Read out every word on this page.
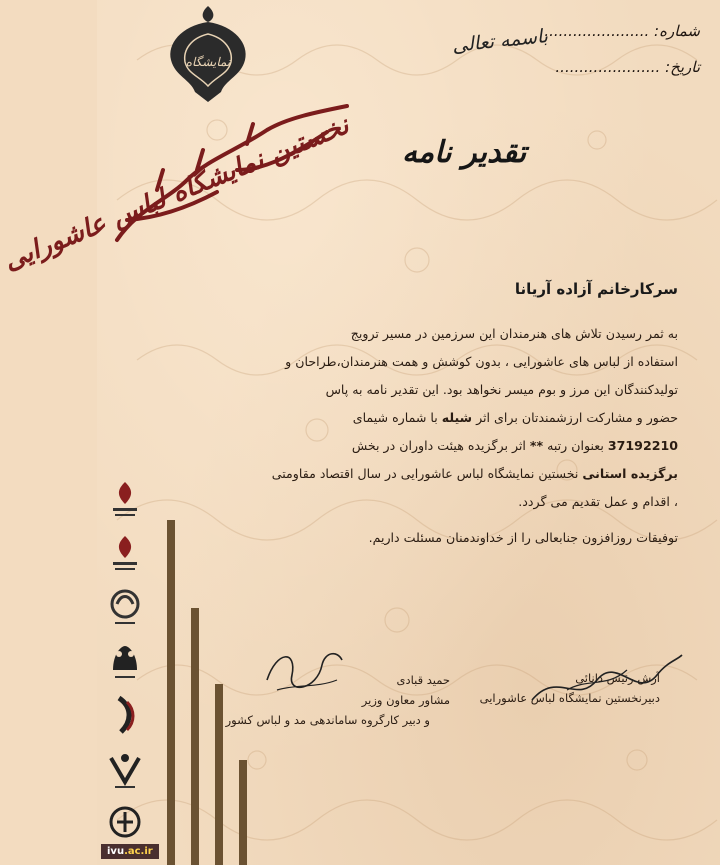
شماره: ......................
تاریخ: ......................
باسمه تعالی
نمایشگاه
نخستین نمایشگاه لباس عاشورایی تقدیر نامه
سرکارخانم آزاده آریانا

به ثمر رسیدن تلاش های هنرمندان این سرزمین در مسیر ترویج

استفاده از لباس های عاشورایی ، بدون کوشش و همت هنرمندان،طراحان و

تولیدکنندگان این مرز و بوم میسر نخواهد بود. این تقدیر نامه به پاس

حضور و مشارکت ارزشمندتان برای اثر شیله با شماره شیمای

37192210 بعنوان رتبه ** اثر برگزیده هیئت داوران در بخش

برگزیده استانی نخستین نمایشگاه لباس عاشورایی در سال اقتصاد مقاومتی

، اقدام و عمل تقدیم می گردد.

توفیقات روزافزون جنابعالی را از خداوندمنان مسئلت داریم.
آرش رئیس دانائی
دبیرنخستین نمایشگاه لباس عاشورایی
حمید قبادی
مشاور معاون وزیر
و دبیر کارگروه ساماندهی مد و لباس کشور
ivu.ac.ir
